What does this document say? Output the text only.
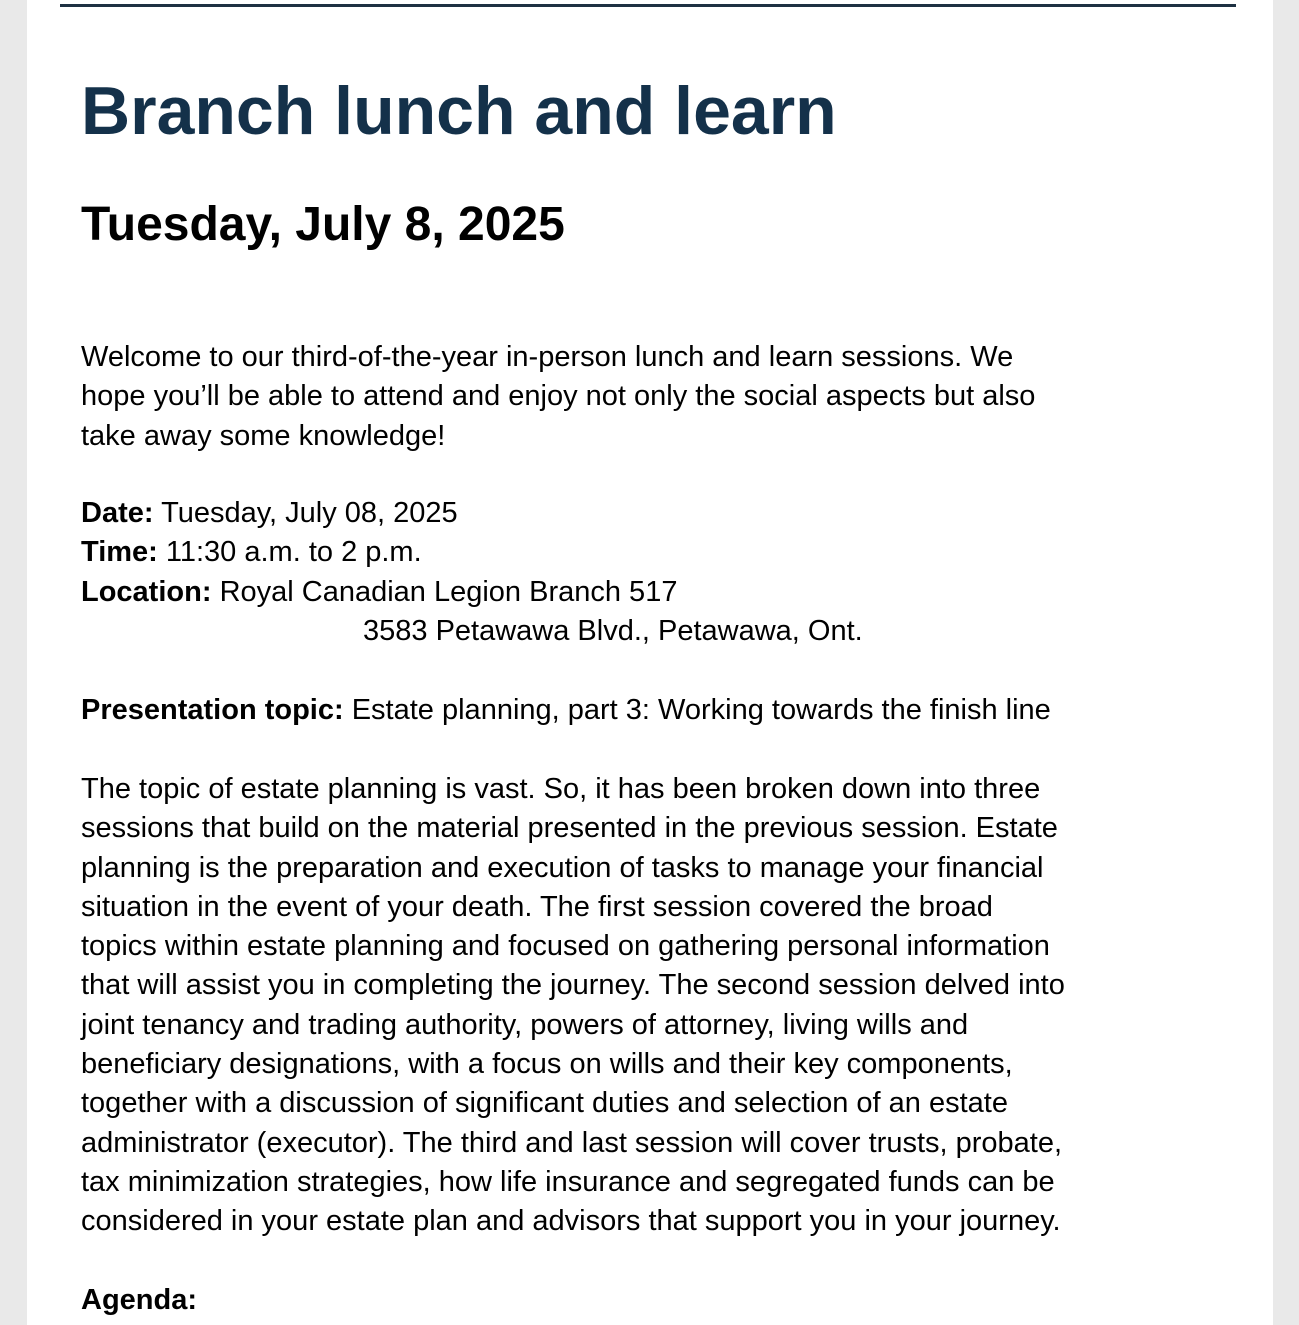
Branch lunch and learn
Tuesday, July 8, 2025

Welcome to our third-of-the-year in-person lunch and learn sessions. We
hope you’ll be able to attend and enjoy not only the social aspects but also
take away some knowledge!

Date: Tuesday, July 08, 2025
Time: 11:30 a.m. to 2 p.m.
Location: Royal Canadian Legion Branch 517
3583 Petawawa Blvd., Petawawa, Ont.

Presentation topic: Estate planning, part 3: Working towards the finish line

The topic of estate planning is vast. So, it has been broken down into three
sessions that build on the material presented in the previous session. Estate
planning is the preparation and execution of tasks to manage your financial
situation in the event of your death. The first session covered the broad
topics within estate planning and focused on gathering personal information
that will assist you in completing the journey. The second session delved into
joint tenancy and trading authority, powers of attorney, living wills and
beneficiary designations, with a focus on wills and their key components,
together with a discussion of significant duties and selection of an estate
administrator (executor). The third and last session will cover trusts, probate,
tax minimization strategies, how life insurance and segregated funds can be
considered in your estate plan and advisors that support you in your journey.

Agenda:
